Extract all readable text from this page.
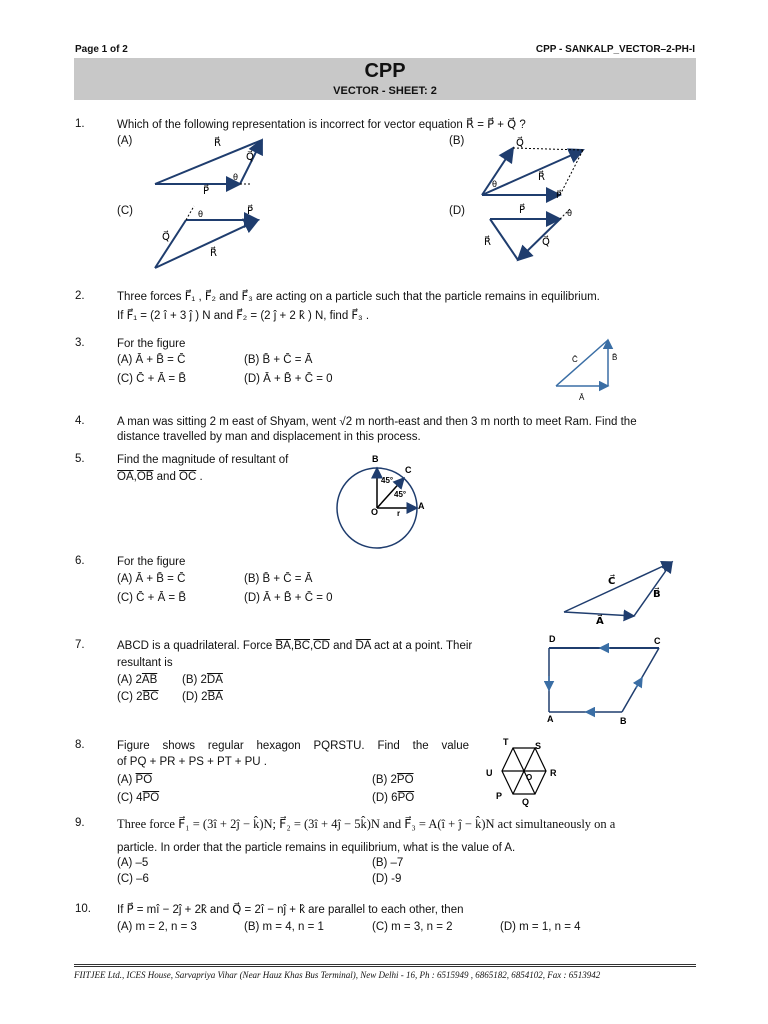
Page 1 of 2	CPP - SANKALP_VECTOR–2-PH-I
CPP
VECTOR - SHEET: 2
1.	Which of the following representation is incorrect for vector equation R⃗ = P⃗ + Q⃗ ?
(A)	(B)
(C)	(D)
R⃗
Q⃗
P⃗
θ
Q⃗
R⃗
P⃗
θ
P⃗
Q⃗
R⃗
θ	P⃗
R⃗	Q⃗
θ
Ā
B̄
C̄
B
C
A
O r
45°
45°
C⃗
B⃗
A⃗
D	C
A	B
T	S
U	R
P
Q
O
2.	Three forces F⃗₁ , F⃗₂ and F⃗₃ are acting on a particle such that the particle remains in equilibrium.
If F⃗₁ = (2 î + 3 ĵ ) N and F⃗₂ = (2 ĵ + 2 k̂ ) N, find F⃗₃ .
3.	For the figure
(A) Ā + B̄ = C̄	(B) B̄ + C̄ = Ā
(C) C̄ + Ā = B̄	(D) Ā + B̄ + C̄ = 0
4.	A man was sitting 2 m east of Shyam, went √2 m north-east and then 3 m north to meet Ram. Find the
distance travelled by man and displacement in this process.
5.	Find the magnitude of resultant of
$\overline{OA},\overline{OB}$ and $\overline{OC}$ .
6.	For the figure
(A) Ā + B̄ = C̄	(B) B̄ + C̄ = Ā
(C) C̄ + Ā = B̄	(D) Ā + B̄ + C̄ = 0
7.	ABCD is a quadrilateral. Force $\overline{BA},\overline{BC},\overline{CD}$ and $\overline{DA}$ act at a point. Their
resultant is
(A) $2\overline{AB}$ (B) $2\overline{DA}$
(C) $2\overline{BC}$ (D) $2\overline{BA}$
8.	Figure shows regular hexagon PQRSTU. Find the value
of PQ + PR + PS + PT + PU .
(A) $\overline{PO}$	(B) $2\overline{PO}$
(C) $4\overline{PO}$	(D) $6\overline{PO}$
9.	Three force F⃗₁ = (3î + 2ĵ − k̂)N; F⃗₂ = (3î + 4ĵ − 5k̂)N and F⃗₃ = A(î + ĵ − k̂)N act simultaneously on a
particle. In order that the particle remains in equilibrium, what is the value of A.
(A) –5	(B) –7
(C) –6	(D) -9
10. If P⃗ = mî − 2ĵ + 2k̂ and Q⃗ = 2î − nĵ + k̂ are parallel to each other, then
(A) m = 2, n = 3	(B) m = 4, n = 1	(C) m = 3, n = 2	(D) m = 1, n = 4
FIITJEE Ltd., ICES House, Sarvapriya Vihar (Near Hauz Khas Bus Terminal), New Delhi - 16, Ph : 6515949 , 6865182, 6854102, Fax : 6513942
